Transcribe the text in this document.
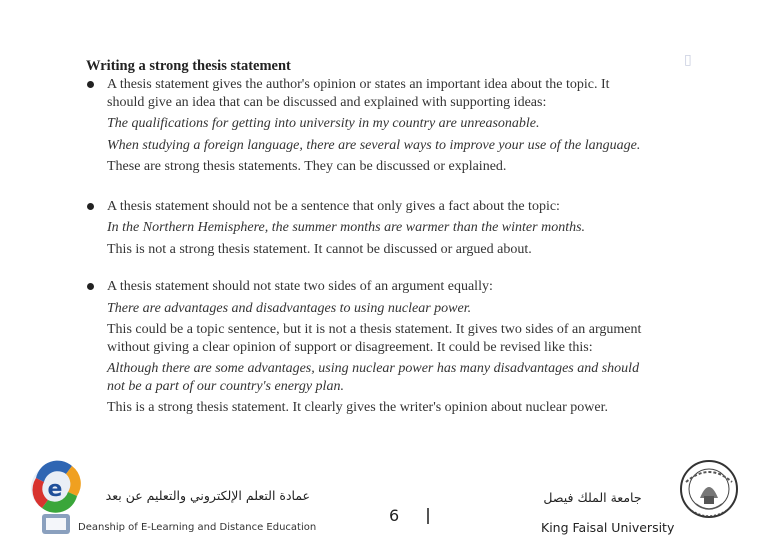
▯
Writing a strong thesis statement

A thesis statement gives the author's opinion or states an important idea about the topic. It should give an idea that can be discussed and explained with supporting ideas:

The qualifications for getting into university in my country are unreasonable.

When studying a foreign language, there are several ways to improve your use of the language.

These are strong thesis statements. They can be discussed or explained.

A thesis statement should not be a sentence that only gives a fact about the topic:

In the Northern Hemisphere, the summer months are warmer than the winter months.

This is not a strong thesis statement. It cannot be discussed or argued about.

A thesis statement should not state two sides of an argument equally:

There are advantages and disadvantages to using nuclear power.

This could be a topic sentence, but it is not a thesis statement. It gives two sides of an argument without giving a clear opinion of support or disagreement. It could be revised like this:

Although there are some advantages, using nuclear power has many disadvantages and should not be a part of our country's energy plan.

This is a strong thesis statement. It clearly gives the writer's opinion about nuclear power.

e	عمادة التعلم الإلكتروني والتعليم عن بعد
Deanship of E-Learning and Distance Education
6
جامعة الملك فيصل
King Faisal University
